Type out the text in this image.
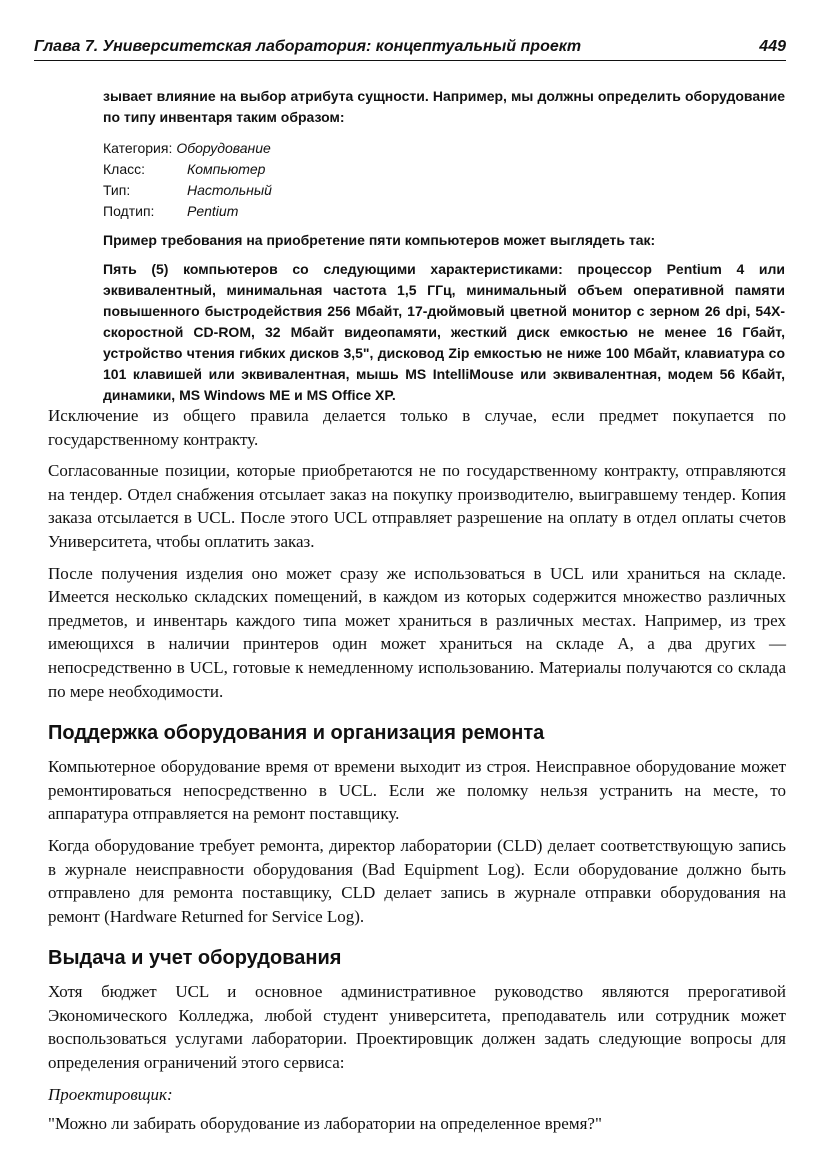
Глава 7. Университетская лаборатория: концептуальный проект	449

зывает влияние на выбор атрибута сущности. Например, мы должны определить оборудование по типу инвентаря таким образом:

Категория: Оборудование
Класс:	Компьютер
Тип:	Настольный
Подтип:	Pentium

Пример требования на приобретение пяти компьютеров может выглядеть так:

Пять (5) компьютеров со следующими характеристиками: процессор Pentium 4 или эквивалентный, минимальная частота 1,5 ГГц, минимальный объем оперативной памяти повышенного быстродействия 256 Мбайт, 17-дюймовый цветной монитор с зерном 26 dpi, 54X-скоростной CD-ROM, 32 Мбайт видеопамяти, жесткий диск емкостью не менее 16 Гбайт, устройство чтения гибких дисков 3,5", дисковод Zip емкостью не ниже 100 Мбайт, клавиатура со 101 клавишей или эквивалентная, мышь MS IntelliMouse или эквивалентная, модем 56 Кбайт, динамики, MS Windows ME и MS Office XP.

Исключение из общего правила делается только в случае, если предмет покупается по государственному контракту.

Согласованные позиции, которые приобретаются не по государственному контракту, отправляются на тендер. Отдел снабжения отсылает заказ на покупку производителю, выигравшему тендер. Копия заказа отсылается в UCL. После этого UCL отправляет разрешение на оплату в отдел оплаты счетов Университета, чтобы оплатить заказ.

После получения изделия оно может сразу же использоваться в UCL или храниться на складе. Имеется несколько складских помещений, в каждом из которых содержится множество различных предметов, и инвентарь каждого типа может храниться в различных местах. Например, из трех имеющихся в наличии принтеров один может храниться на складе А, а два других — непосредственно в UCL, готовые к немедленному использованию. Материалы получаются со склада по мере необходимости.

Поддержка оборудования и организация ремонта

Компьютерное оборудование время от времени выходит из строя. Неисправное оборудование может ремонтироваться непосредственно в UCL. Если же поломку нельзя устранить на месте, то аппаратура отправляется на ремонт поставщику.

Когда оборудование требует ремонта, директор лаборатории (CLD) делает соответствующую запись в журнале неисправности оборудования (Bad Equipment Log). Если оборудование должно быть отправлено для ремонта поставщику, CLD делает запись в журнале отправки оборудования на ремонт (Hardware Returned for Service Log).

Выдача и учет оборудования

Хотя бюджет UCL и основное административное руководство являются прерогативой Экономического Колледжа, любой студент университета, преподаватель или сотрудник может воспользоваться услугами лаборатории. Проектировщик должен задать следующие вопросы для определения ограничений этого сервиса:

Проектировщик:
"Можно ли забирать оборудование из лаборатории на определенное время?"
